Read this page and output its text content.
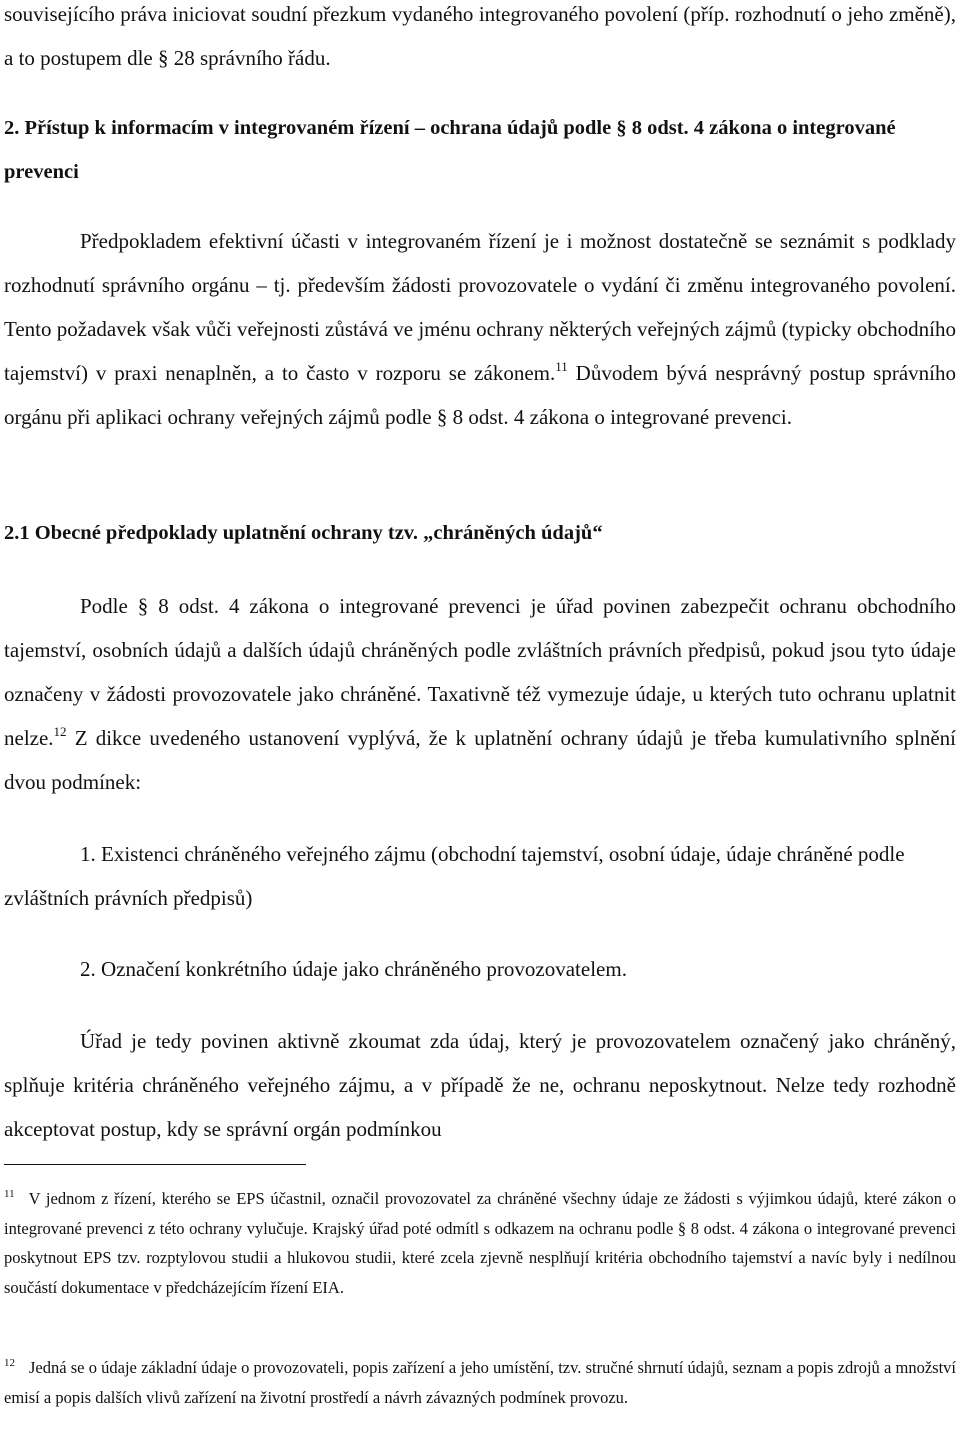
souvisejícího práva iniciovat soudní přezkum vydaného integrovaného povolení (příp. rozhodnutí o jeho změně), a to postupem dle § 28 správního řádu.

2. Přístup k informacím v integrovaném řízení – ochrana údajů podle § 8 odst. 4 zákona o integrované prevenci

Předpokladem efektivní účasti v integrovaném řízení je i možnost dostatečně se seznámit s podklady rozhodnutí správního orgánu – tj. především žádosti provozovatele o vydání či změnu integrovaného povolení. Tento požadavek však vůči veřejnosti zůstává ve jménu ochrany některých veřejných zájmů (typicky obchodního tajemství) v praxi nenaplněn, a to často v rozporu se zákonem.$^{11}$ Důvodem bývá nesprávný postup správního orgánu při aplikaci ochrany veřejných zájmů podle § 8 odst. 4 zákona o integrované prevenci.

2.1 Obecné předpoklady uplatnění ochrany tzv. „chráněných údajů“

Podle § 8 odst. 4 zákona o integrované prevenci je úřad povinen zabezpečit ochranu obchodního tajemství, osobních údajů a dalších údajů chráněných podle zvláštních právních předpisů, pokud jsou tyto údaje označeny v žádosti provozovatele jako chráněné. Taxativně též vymezuje údaje, u kterých tuto ochranu uplatnit nelze.$^{12}$ Z dikce uvedeného ustanovení vyplývá, že k uplatnění ochrany údajů je třeba kumulativního splnění dvou podmínek:

1. Existenci chráněného veřejného zájmu (obchodní tajemství, osobní údaje, údaje chráněné podle zvláštních právních předpisů)

2. Označení konkrétního údaje jako chráněného provozovatelem.

Úřad je tedy povinen aktivně zkoumat zda údaj, který je provozovatelem označený jako chráněný, splňuje kritéria chráněného veřejného zájmu, a v případě že ne, ochranu neposkytnout. Nelze tedy rozhodně akceptovat postup, kdy se správní orgán podmínkou

$^{11}$ V jednom z řízení, kterého se EPS účastnil, označil provozovatel za chráněné všechny údaje ze žádosti s výjimkou údajů, které zákon o integrované prevenci z této ochrany vylučuje. Krajský úřad poté odmítl s odkazem na ochranu podle § 8 odst. 4 zákona o integrované prevenci poskytnout EPS tzv. rozptylovou studii a hlukovou studii, které zcela zjevně nesplňují kritéria obchodního tajemství a navíc byly i nedílnou součástí dokumentace v předcházejícím řízení EIA.

$^{12}$ Jedná se o údaje základní údaje o provozovateli, popis zařízení a jeho umístění, tzv. stručné shrnutí údajů, seznam a popis zdrojů a množství emisí a popis dalších vlivů zařízení na životní prostředí a návrh závazných podmínek provozu.
